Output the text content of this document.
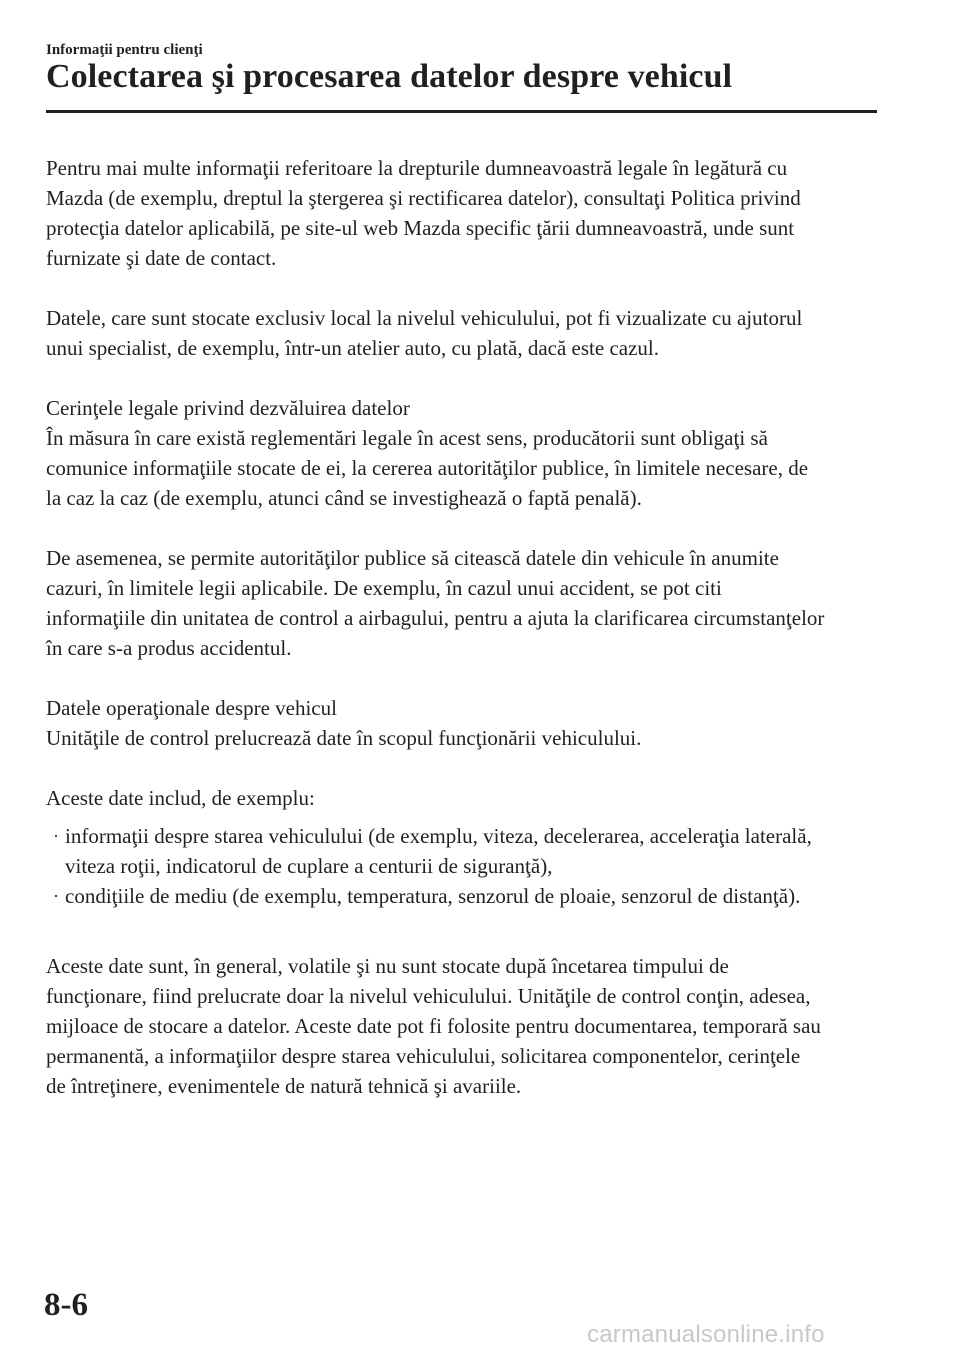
Informaţii pentru clienţi
Colectarea şi procesarea datelor despre vehicul

Pentru mai multe informaţii referitoare la drepturile dumneavoastră legale în legătură cu

Mazda (de exemplu, dreptul la ştergerea şi rectificarea datelor), consultaţi Politica privind

protecţia datelor aplicabilă, pe site-ul web Mazda specific ţării dumneavoastră, unde sunt

furnizate şi date de contact.

Datele, care sunt stocate exclusiv local la nivelul vehiculului, pot fi vizualizate cu ajutorul

unui specialist, de exemplu, într-un atelier auto, cu plată, dacă este cazul.

Cerinţele legale privind dezvăluirea datelor

În măsura în care există reglementări legale în acest sens, producătorii sunt obligaţi să

comunice informaţiile stocate de ei, la cererea autorităţilor publice, în limitele necesare, de

la caz la caz (de exemplu, atunci când se investighează o faptă penală).

De asemenea, se permite autorităţilor publice să citească datele din vehicule în anumite

cazuri, în limitele legii aplicabile. De exemplu, în cazul unui accident, se pot citi

informaţiile din unitatea de control a airbagului, pentru a ajuta la clarificarea circumstanţelor

în care s-a produs accidentul.

Datele operaţionale despre vehicul

Unităţile de control prelucrează date în scopul funcţionării vehiculului.

Aceste date includ, de exemplu:

· informaţii despre starea vehiculului (de exemplu, viteza, decelerarea, acceleraţia laterală,

viteza roţii, indicatorul de cuplare a centurii de siguranţă),

· condiţiile de mediu (de exemplu, temperatura, senzorul de ploaie, senzorul de distanţă).

Aceste date sunt, în general, volatile şi nu sunt stocate după încetarea timpului de

funcţionare, fiind prelucrate doar la nivelul vehiculului. Unităţile de control conţin, adesea,

mijloace de stocare a datelor. Aceste date pot fi folosite pentru documentarea, temporară sau

permanentă, a informaţiilor despre starea vehiculului, solicitarea componentelor, cerinţele

de întreţinere, evenimentele de natură tehnică şi avariile.

8-6
carmanualsonline.info
